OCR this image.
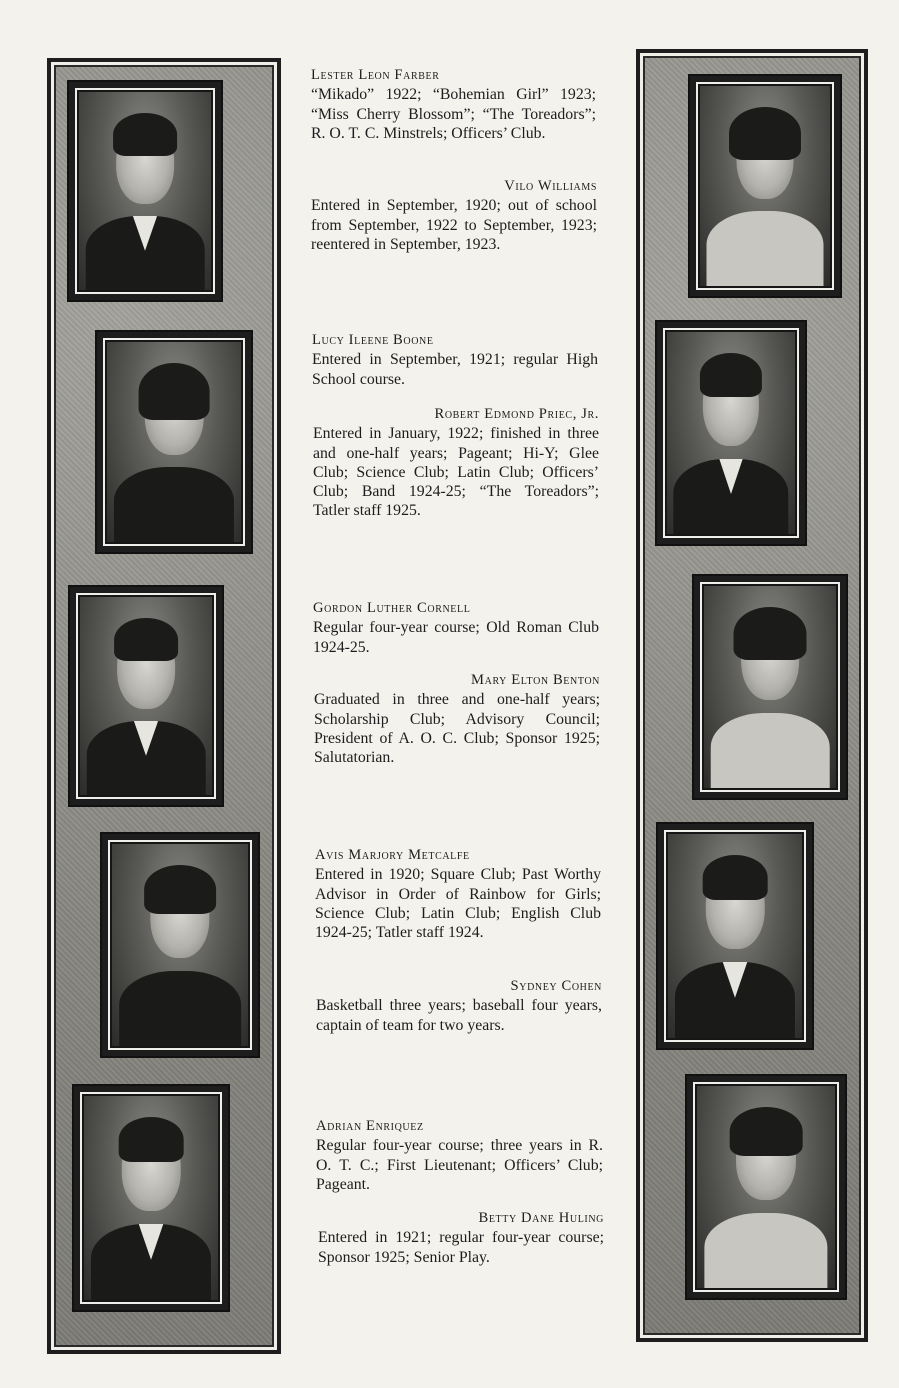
Lester Leon Farber
“Mikado” 1922; “Bohemian Girl” 1923; “Miss Cherry Blossom”; “The Toreadors”; R. O. T. C. Minstrels; Officers’ Club.
Vilo Williams
Entered in September, 1920; out of school from September, 1922 to September, 1923; reentered in September, 1923.
Lucy Ileene Boone
Entered in September, 1921; regular High School course.
Robert Edmond Priec, Jr.
Entered in January, 1922; finished in three and one-half years; Pageant; Hi-Y; Glee Club; Science Club; Latin Club; Officers’ Club; Band 1924-25; “The Toreadors”; Tatler staff 1925.
Gordon Luther Cornell
Regular four-year course; Old Roman Club 1924-25.
Mary Elton Benton
Graduated in three and one-half years; Scholarship Club; Advisory Council; President of A. O. C. Club; Sponsor 1925; Salutatorian.
Avis Marjory Metcalfe
Entered in 1920; Square Club; Past Worthy Advisor in Order of Rainbow for Girls; Science Club; Latin Club; English Club 1924-25; Tatler staff 1924.
Sydney Cohen
Basketball three years; baseball four years, captain of team for two years.
Adrian Enriquez
Regular four-year course; three years in R. O. T. C.; First Lieutenant; Officers’ Club; Pageant.
Betty Dane Huling
Entered in 1921; regular four-year course; Sponsor 1925; Senior Play.
